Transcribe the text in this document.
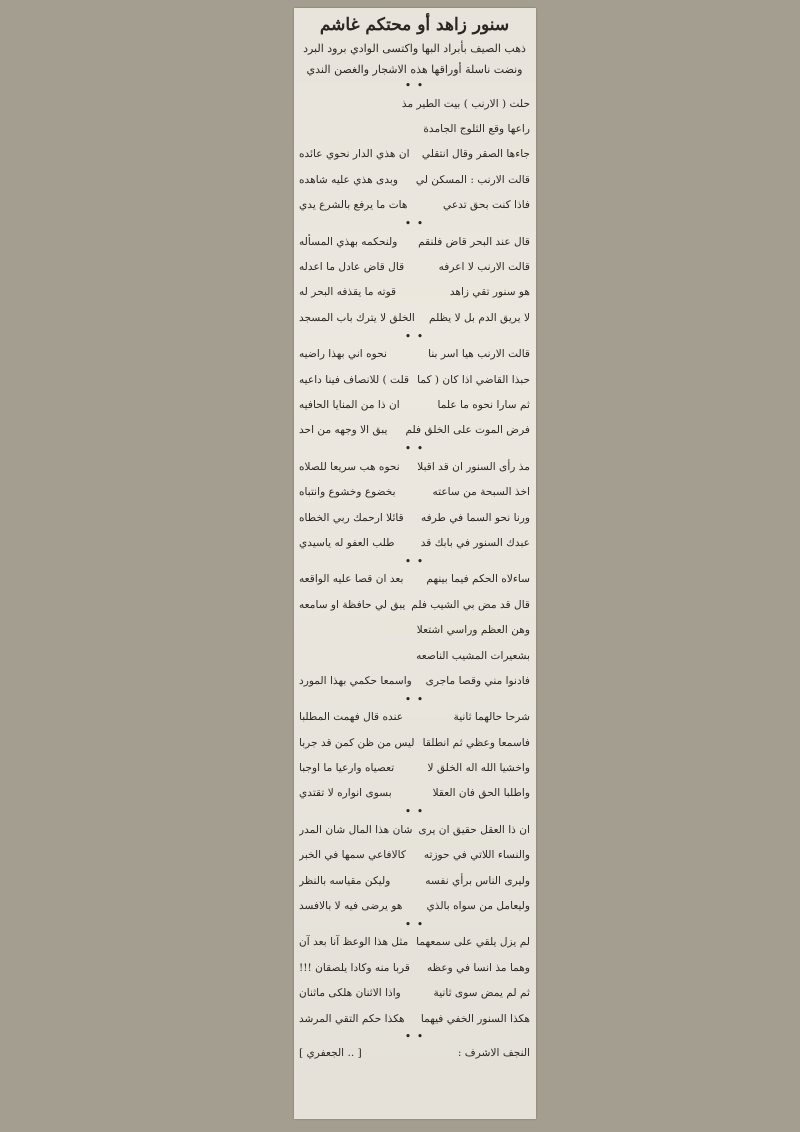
سنور زاهد أو محتكم غاشم
ذهب الصيف بأبراد البها واكتسى الوادي برود البرد
ونضت ناسلة أوراقها هذه الاشجار والغصن الندي
• •
حلت ( الارنب ) بيت الطير مذ
راعها وقع الثلوج الجامدة
جاءها الصقر وقال انتقلي
ان هذي الدار نحوي عائده
قالت الارنب : المسكن لي
وبدى هذي عليه شاهده
فاذا كنت بحق تدعي
هات ما يرفع بالشرع يدي
• •
قال عند البحر قاض فلنقم
ولنحكمه بهذي المسأله
قالت الارنب لا اعرفه
قال قاض عادل ما اعدله
هو سنور تقي زاهد
قوته ما يقذفه البحر له
لا يريق الدم بل لا يظلم
الخلق لا يترك باب المسجد
• •
قالت الارنب هيا اسر بنا
نحوه اني بهذا راضيه
حبذا القاضي اذا كان ( كما
قلت ) للانصاف فينا داعيه
ثم سارا نحوه ما علما
ان ذا من المنايا الحافيه
فرض الموت على الخلق فلم
يبق الا وجهه من احد
• •
مذ رأى السنور ان قد اقبلا
نحوه هب سريعا للصلاه
اخذ السبحة من ساعته
بخضوع وخشوع وانتباه
ورنا نحو السما في طرفه
قائلا ارحمك ربي الخطاه
عبدك السنور في بابك قد
طلب العفو له ياسيدي
• •
ساءلاه الحكم فيما بينهم
بعد ان قصا عليه الواقعه
قال قد مض بي الشيب فلم
يبق لي حافظة او سامعه
وهن العظم وراسي اشتعلا
بشعيرات المشيب الناصعه
فادنوا مني وقصا ماجرى
واسمعا حكمي بهذا المورد
• •
شرحا حالهما ثانية
عنده قال فهمت المطلبا
فاسمعا وعظي ثم انطلقا
ليس من ظن كمن قد جربا
واخشيا الله اله الخلق لا
تعصياه وارعيا ما اوجبا
واطلبا الحق فان العقلا
بسوى انواره لا تقتدي
• •
ان ذا العقل حقيق ان يرى
شان هذا المال شان المدر
والنساء اللاتي في حوزته
كالافاعي سمها في الخبر
وليرى الناس برأي نفسه
وليكن مقياسه بالنظر
وليعامل من سواه بالذي
هو يرضى فيه لا بالافسد
• •
لم يزل يلقي على سمعهما
مثل هذا الوعظ آنا بعد آن
وهما مذ انسا في وعظه
قربا منه وكادا يلصقان !!!
ثم لم يمض سوى ثانية
واذا الاثنان هلكى ماثنان
هكذا السنور الخفي فيهما
هكذا حكم التقي المرشد
• •
النجف الاشرف :
[ .. الجعفري ]
